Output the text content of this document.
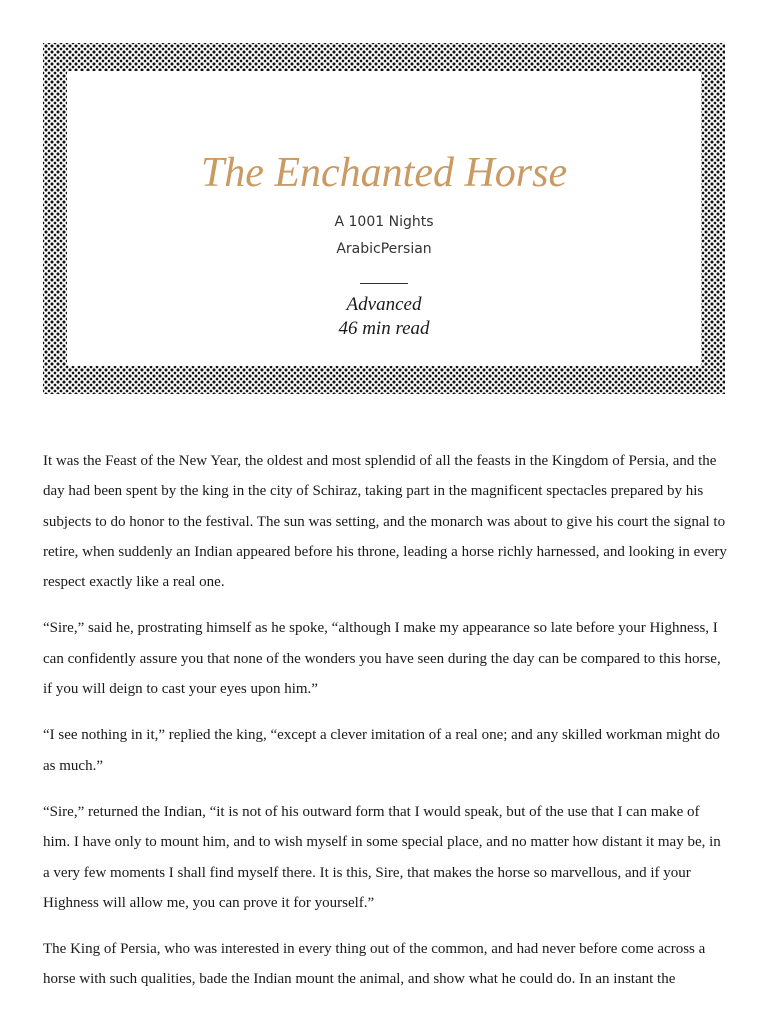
The Enchanted Horse
A 1001 Nights
ArabicPersian
Advanced
46 min read

It was the Feast of the New Year, the oldest and most splendid of all the feasts in the Kingdom of Persia, and the day had been spent by the king in the city of Schiraz, taking part in the magnificent spectacles prepared by his subjects to do honor to the festival. The sun was setting, and the monarch was about to give his court the signal to retire, when suddenly an Indian appeared before his throne, leading a horse richly harnessed, and looking in every respect exactly like a real one.

“Sire,” said he, prostrating himself as he spoke, “although I make my appearance so late before your Highness, I can confidently assure you that none of the wonders you have seen during the day can be compared to this horse, if you will deign to cast your eyes upon him.”

“I see nothing in it,” replied the king, “except a clever imitation of a real one; and any skilled workman might do as much.”

“Sire,” returned the Indian, “it is not of his outward form that I would speak, but of the use that I can make of him. I have only to mount him, and to wish myself in some special place, and no matter how distant it may be, in a very few moments I shall find myself there. It is this, Sire, that makes the horse so marvellous, and if your Highness will allow me, you can prove it for yourself.”

The King of Persia, who was interested in every thing out of the common, and had never before come across a horse with such qualities, bade the Indian mount the animal, and show what he could do. In an instant the
